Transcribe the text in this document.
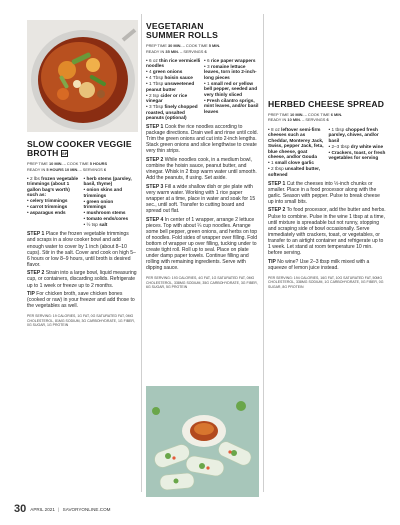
SLOW COOKER VEGGIE BROTH GF
PREP TIME 10 MIN. – COOK TIME 5 HOURS
READY IN 5 HOURS 10 MIN. – SERVINGS 6
• 2 lbs frozen vegetable trimmings (about 1 gallon bag's worth) such as:
• celery trimmings
• carrot trimmings
• asparagus ends
• herb stems (parsley, basil, thyme)
• onion skins and trimmings
• green onion trimmings
• mushroom stems
• tomato ends/cores
• ½ tsp salt

STEP 1 Place the frozen vegetable trimmings and scraps in a slow cooker bowl and add enough water to cover by 1 inch (about 8–10 cups). Stir in the salt. Cover and cook on high 5–6 hours or low 8–9 hours, until broth is desired flavor.

STEP 2 Strain into a large bowl, liquid measuring cup, or containers, discarding solids. Refrigerate up to 1 week or freeze up to 2 months.

TIP For chicken broth, save chicken bones (cooked or raw) in your freezer and add those to the vegetables as well.

PER SERVING: 19 CALORIES, 1G FAT, 0G SATURATED FAT, 0MG CHOLESTEROL, 81MG SODIUM, 3G CARBOHYDRATE, 1G FIBER, 0G SUGAR, 1G PROTEIN
VEGETARIAN
SUMMER ROLLS
PREP TIME 30 MIN. – COOK TIME 5 MIN.
READY IN 35 MIN. – SERVINGS 6
• 6 oz thin rice vermicelli noodles
• 4 green onions
• 4 Tbsp hoisin sauce
• 1 Tbsp unsweetened peanut butter
• 2 tsp cider or rice vinegar
• 3 Tbsp finely chopped roasted, unsalted peanuts (optional)
• 6 rice paper wrappers
• 3 romaine lettuce leaves, torn into 2-inch-long pieces
• 1 small red or yellow bell pepper, seeded and very thinly sliced
• Fresh cilantro sprigs, mint leaves, and/or basil leaves

STEP 1 Cook the rice noodles according to package directions. Drain well and rinse until cold. Trim the green onions and cut into 2-inch lengths. Stack green onions and slice lengthwise to create very thin strips.

STEP 2 While noodles cook, in a medium bowl, combine the hoisin sauce, peanut butter, and vinegar. Whisk in 2 tbsp warm water until smooth. Add the peanuts, if using. Set aside.

STEP 3 Fill a wide shallow dish or pie plate with very warm water. Working with 1 rice paper wrapper at a time, place in water and soak for 15 sec., until soft. Transfer to cutting board and spread out flat.

STEP 4 In center of 1 wrapper, arrange 2 lettuce pieces. Top with about ¼ cup noodles. Arrange some bell pepper, green onions, and herbs on top of noodles. Fold sides of wrapper over filling. Fold bottom of wrapper up over filling, tucking under to create tight roll. Roll up to seal. Place on plate under damp paper towels. Continue filling and rolling with remaining ingredients. Serve with dipping sauce.

PER SERVING: 193 CALORIES, 4G FAT, 1G SATURATED FAT, 0MG CHOLESTEROL, 338MG SODIUM, 35G CARBOHYDRATE, 3G FIBER, 6G SUGAR, 5G PROTEIN
HERBED CHEESE SPREAD
PREP TIME 10 MIN. – COOK TIME 6 MIN.
READY IN 10 MIN. – SERVINGS 6
• 8 oz leftover semi-firm cheeses such as Cheddar, Monterey Jack, Swiss, pepper Jack, feta, blue cheese, goat cheese, and/or Gouda
• 1 small clove garlic
• 2 tbsp unsalted butter, softened
• 1 tbsp chopped fresh parsley, chives, and/or basil
• 2–3 tbsp dry white wine
• Crackers, toast, or fresh vegetables for serving

STEP 1 Cut the cheeses into ½-inch chunks or smaller. Place in a food processor along with the garlic. Season with pepper. Pulse to break cheese up into small bits.

STEP 2 To food processor, add the butter and herbs. Pulse to combine. Pulse in the wine 1 tbsp at a time, until mixture is spreadable but not runny, stopping and scraping side of bowl occasionally. Serve immediately with crackers, toast, or vegetables, or transfer to an airtight container and refrigerate up to 1 week. Let stand at room temperature 10 min. before serving.

TIP No wine? Use 2–3 tbsp milk mixed with a squeeze of lemon juice instead.

PER SERVING: 194 CALORIES, 16G FAT, 10G SATURATED FAT, 50MG CHOLESTEROL, 338MG SODIUM, 1G CARBOHYDRATE, 0G FIBER, 0G SUGAR, 8G PROTEIN
30 APRIL 2021 | SAVORYONLINE.COM
